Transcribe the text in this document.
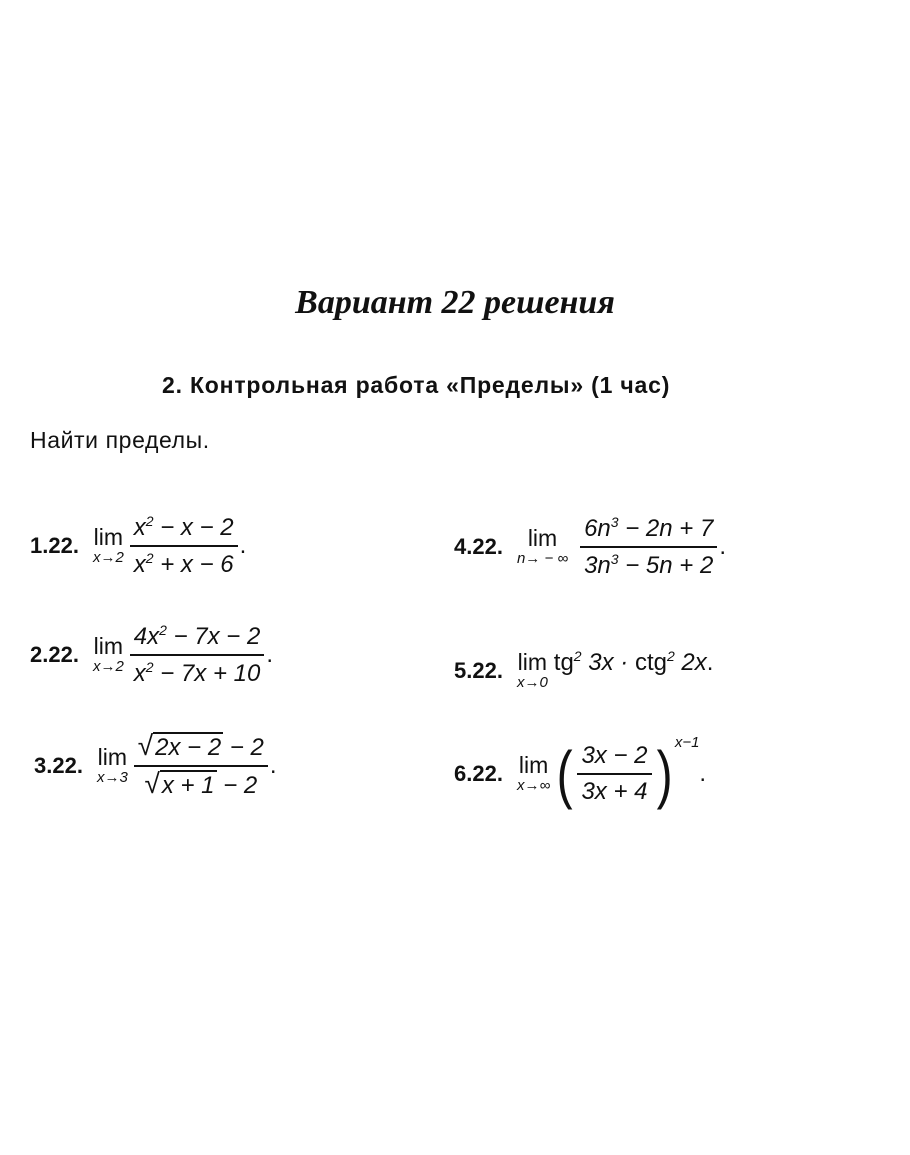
Вариант 22 решения
2. Контрольная работа «Пределы» (1 час)
Найти пределы.
1.22. lim
$x\to 2 \frac{x^2 - x - 2}{x^2 + x - 6}$ .
2.22. lim
$x\to 2 \frac{4x^2 - 7x - 2}{x^2 - 7x + 10}$ .
3.22. lim
$x\to 3 \frac{√ 2x - 2 - 2}{√ x + 1 - 2}$ .
4.22. lim
n→ − ∞ $\frac{6n^3 - 2n + 7}{3n^3 - 5n + 2}$ .
5.22. lim
x→0
$tg^2$ 3x · ctg$^2$ 2x.
6.22. lim
x→∞ ( $\frac{3x - 2}{3x + 4}$ ) x−1
.
